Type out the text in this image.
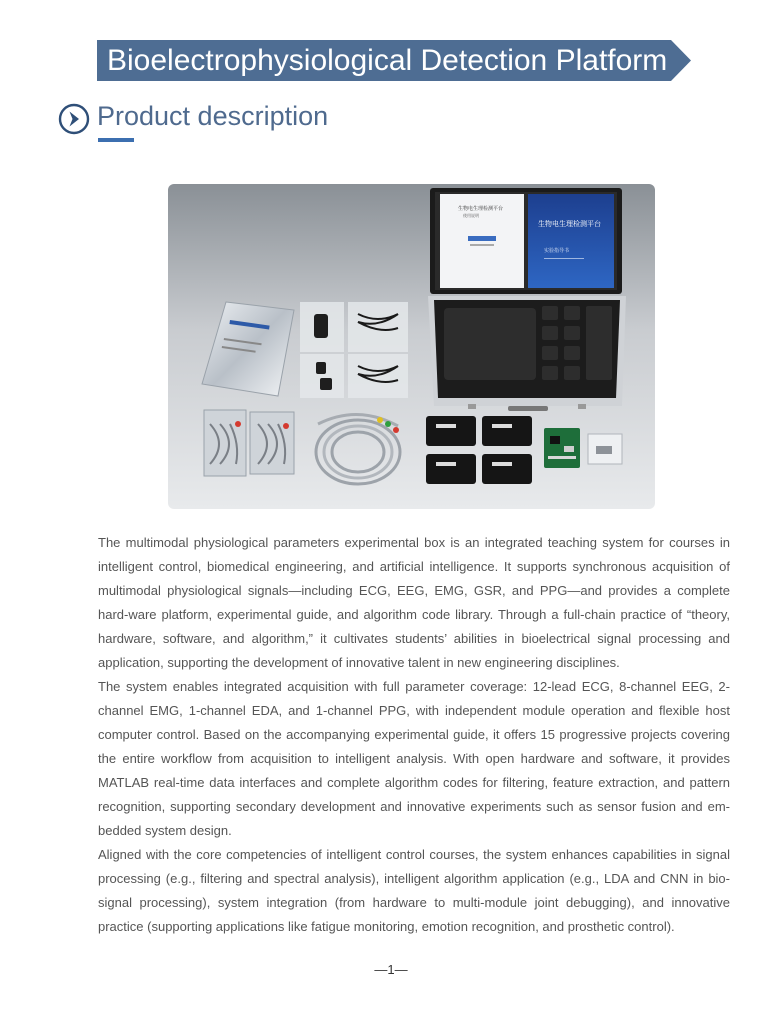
Bioelectrophysiological Detection Platform
Product description
生物电生理检测平台
使用说明
生物电生理检测平台
实验指导书

The multimodal physiological parameters experimental box is an integrated teaching system for courses in intelligent control, biomedical engineering, and artificial intelligence. It supports synchronous acquisition of multimodal physiological signals—including ECG, EEG, EMG, GSR, and PPG—and provides a complete hard-ware platform, experimental guide, and algorithm code library. Through a full-chain practice of “theory, hardware, software, and algorithm,” it cultivates students’ abilities in bioelectrical signal processing and application, supporting the development of innovative talent in new engineering disciplines.

The system enables integrated acquisition with full parameter coverage: 12-lead ECG, 8-channel EEG, 2-channel EMG, 1-channel EDA, and 1-channel PPG, with independent module operation and flexible host computer control. Based on the accompanying experimental guide, it offers 15 progressive projects covering the entire workflow from acquisition to intelligent analysis. With open hardware and software, it provides MATLAB real-time data interfaces and complete algorithm codes for filtering, feature extraction, and pattern recognition, supporting secondary development and innovative experiments such as sensor fusion and em-bedded system design.

Aligned with the core competencies of intelligent control courses, the system enhances capabilities in signal processing (e.g., filtering and spectral analysis), intelligent algorithm application (e.g., LDA and CNN in bio-signal processing), system integration (from hardware to multi-module joint debugging), and innovative practice (supporting applications like fatigue monitoring, emotion recognition, and prosthetic control).

—1—
